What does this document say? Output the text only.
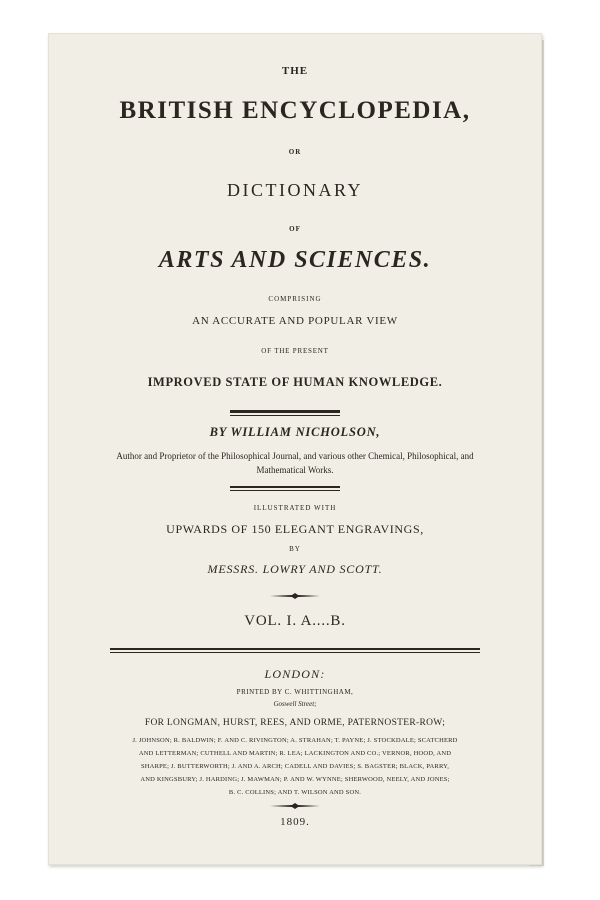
THE

BRITISH ENCYCLOPEDIA,

OR

DICTIONARY

OF

ARTS AND SCIENCES.

COMPRISING

AN ACCURATE AND POPULAR VIEW

OF THE PRESENT

IMPROVED STATE OF HUMAN KNOWLEDGE.

BY WILLIAM NICHOLSON,

Author and Proprietor of the Philosophical Journal, and various other Chemical, Philosophical, and

Mathematical Works.

ILLUSTRATED WITH

UPWARDS OF 150 ELEGANT ENGRAVINGS,

BY

MESSRS. LOWRY AND SCOTT.

VOL. I. A....B.

LONDON:

PRINTED BY C. WHITTINGHAM,

Goswell Street;

FOR LONGMAN, HURST, REES, AND ORME, PATERNOSTER-ROW;

J. JOHNSON; R. BALDWIN; F. AND C. RIVINGTON; A. STRAHAN; T. PAYNE; J. STOCKDALE; SCATCHERD

AND LETTERMAN; CUTHELL AND MARTIN; R. LEA; LACKINGTON AND CO.; VERNOR, HOOD, AND

SHARPE; J. BUTTERWORTH; J. AND A. ARCH; CADELL AND DAVIES; S. BAGSTER; BLACK, PARRY,

AND KINGSBURY; J. HARDING; J. MAWMAN; P. AND W. WYNNE; SHERWOOD, NEELY, AND JONES;

B. C. COLLINS; AND T. WILSON AND SON.

1809.
